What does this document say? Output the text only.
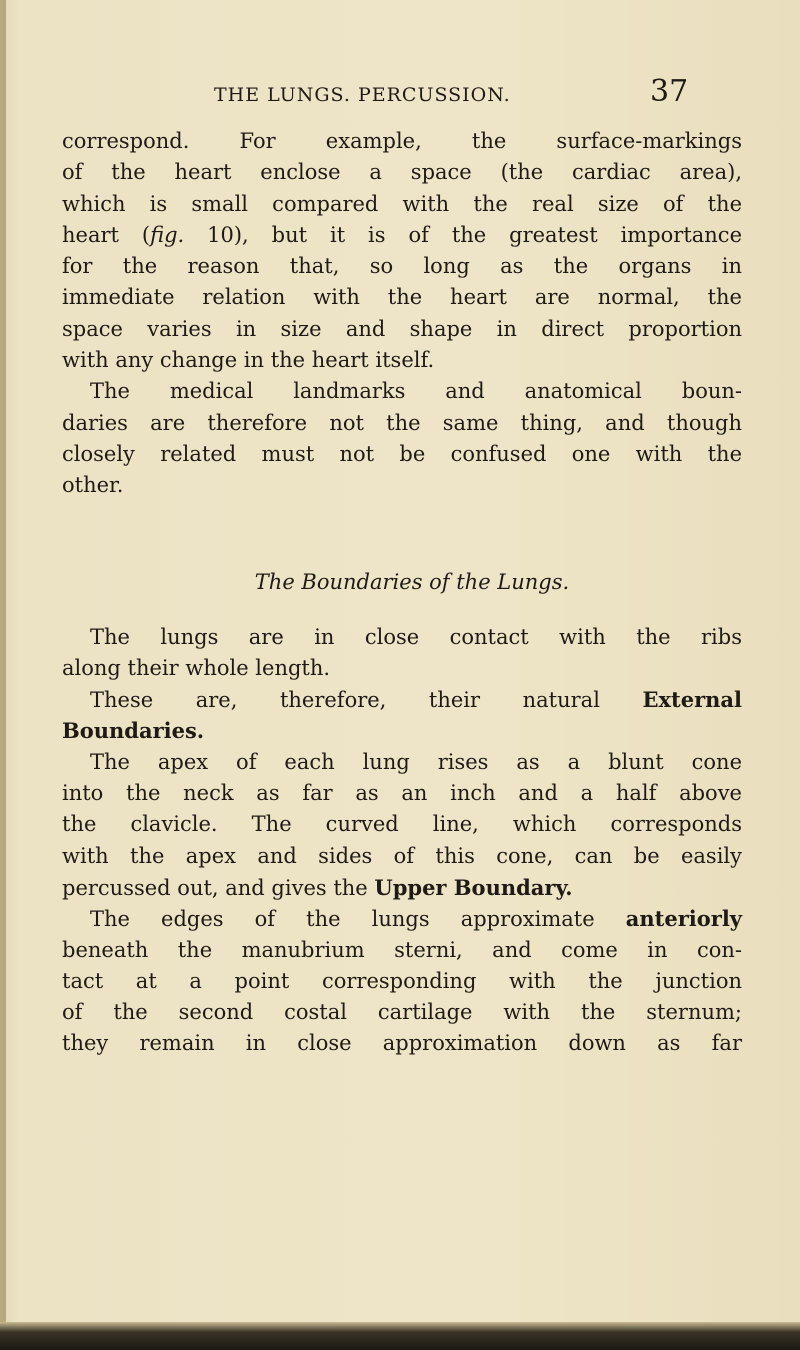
THE LUNGS. PERCUSSION.	37
correspond. For example, the surface-markings
of the heart enclose a space (the cardiac area),
which is small compared with the real size of the
heart (fig. 10), but it is of the greatest importance
for the reason that, so long as the organs in
immediate relation with the heart are normal, the
space varies in size and shape in direct proportion
with any change in the heart itself.
The medical landmarks and anatomical boun-
daries are therefore not the same thing, and though
closely related must not be confused one with the
other.
The Boundaries of the Lungs.
The lungs are in close contact with the ribs
along their whole length.
These are, therefore, their natural External
Boundaries.
The apex of each lung rises as a blunt cone
into the neck as far as an inch and a half above
the clavicle. The curved line, which corresponds
with the apex and sides of this cone, can be easily
percussed out, and gives the Upper Boundary.
The edges of the lungs approximate anteriorly
beneath the manubrium sterni, and come in con-
tact at a point corresponding with the junction
of the second costal cartilage with the sternum;
they remain in close approximation down as far
